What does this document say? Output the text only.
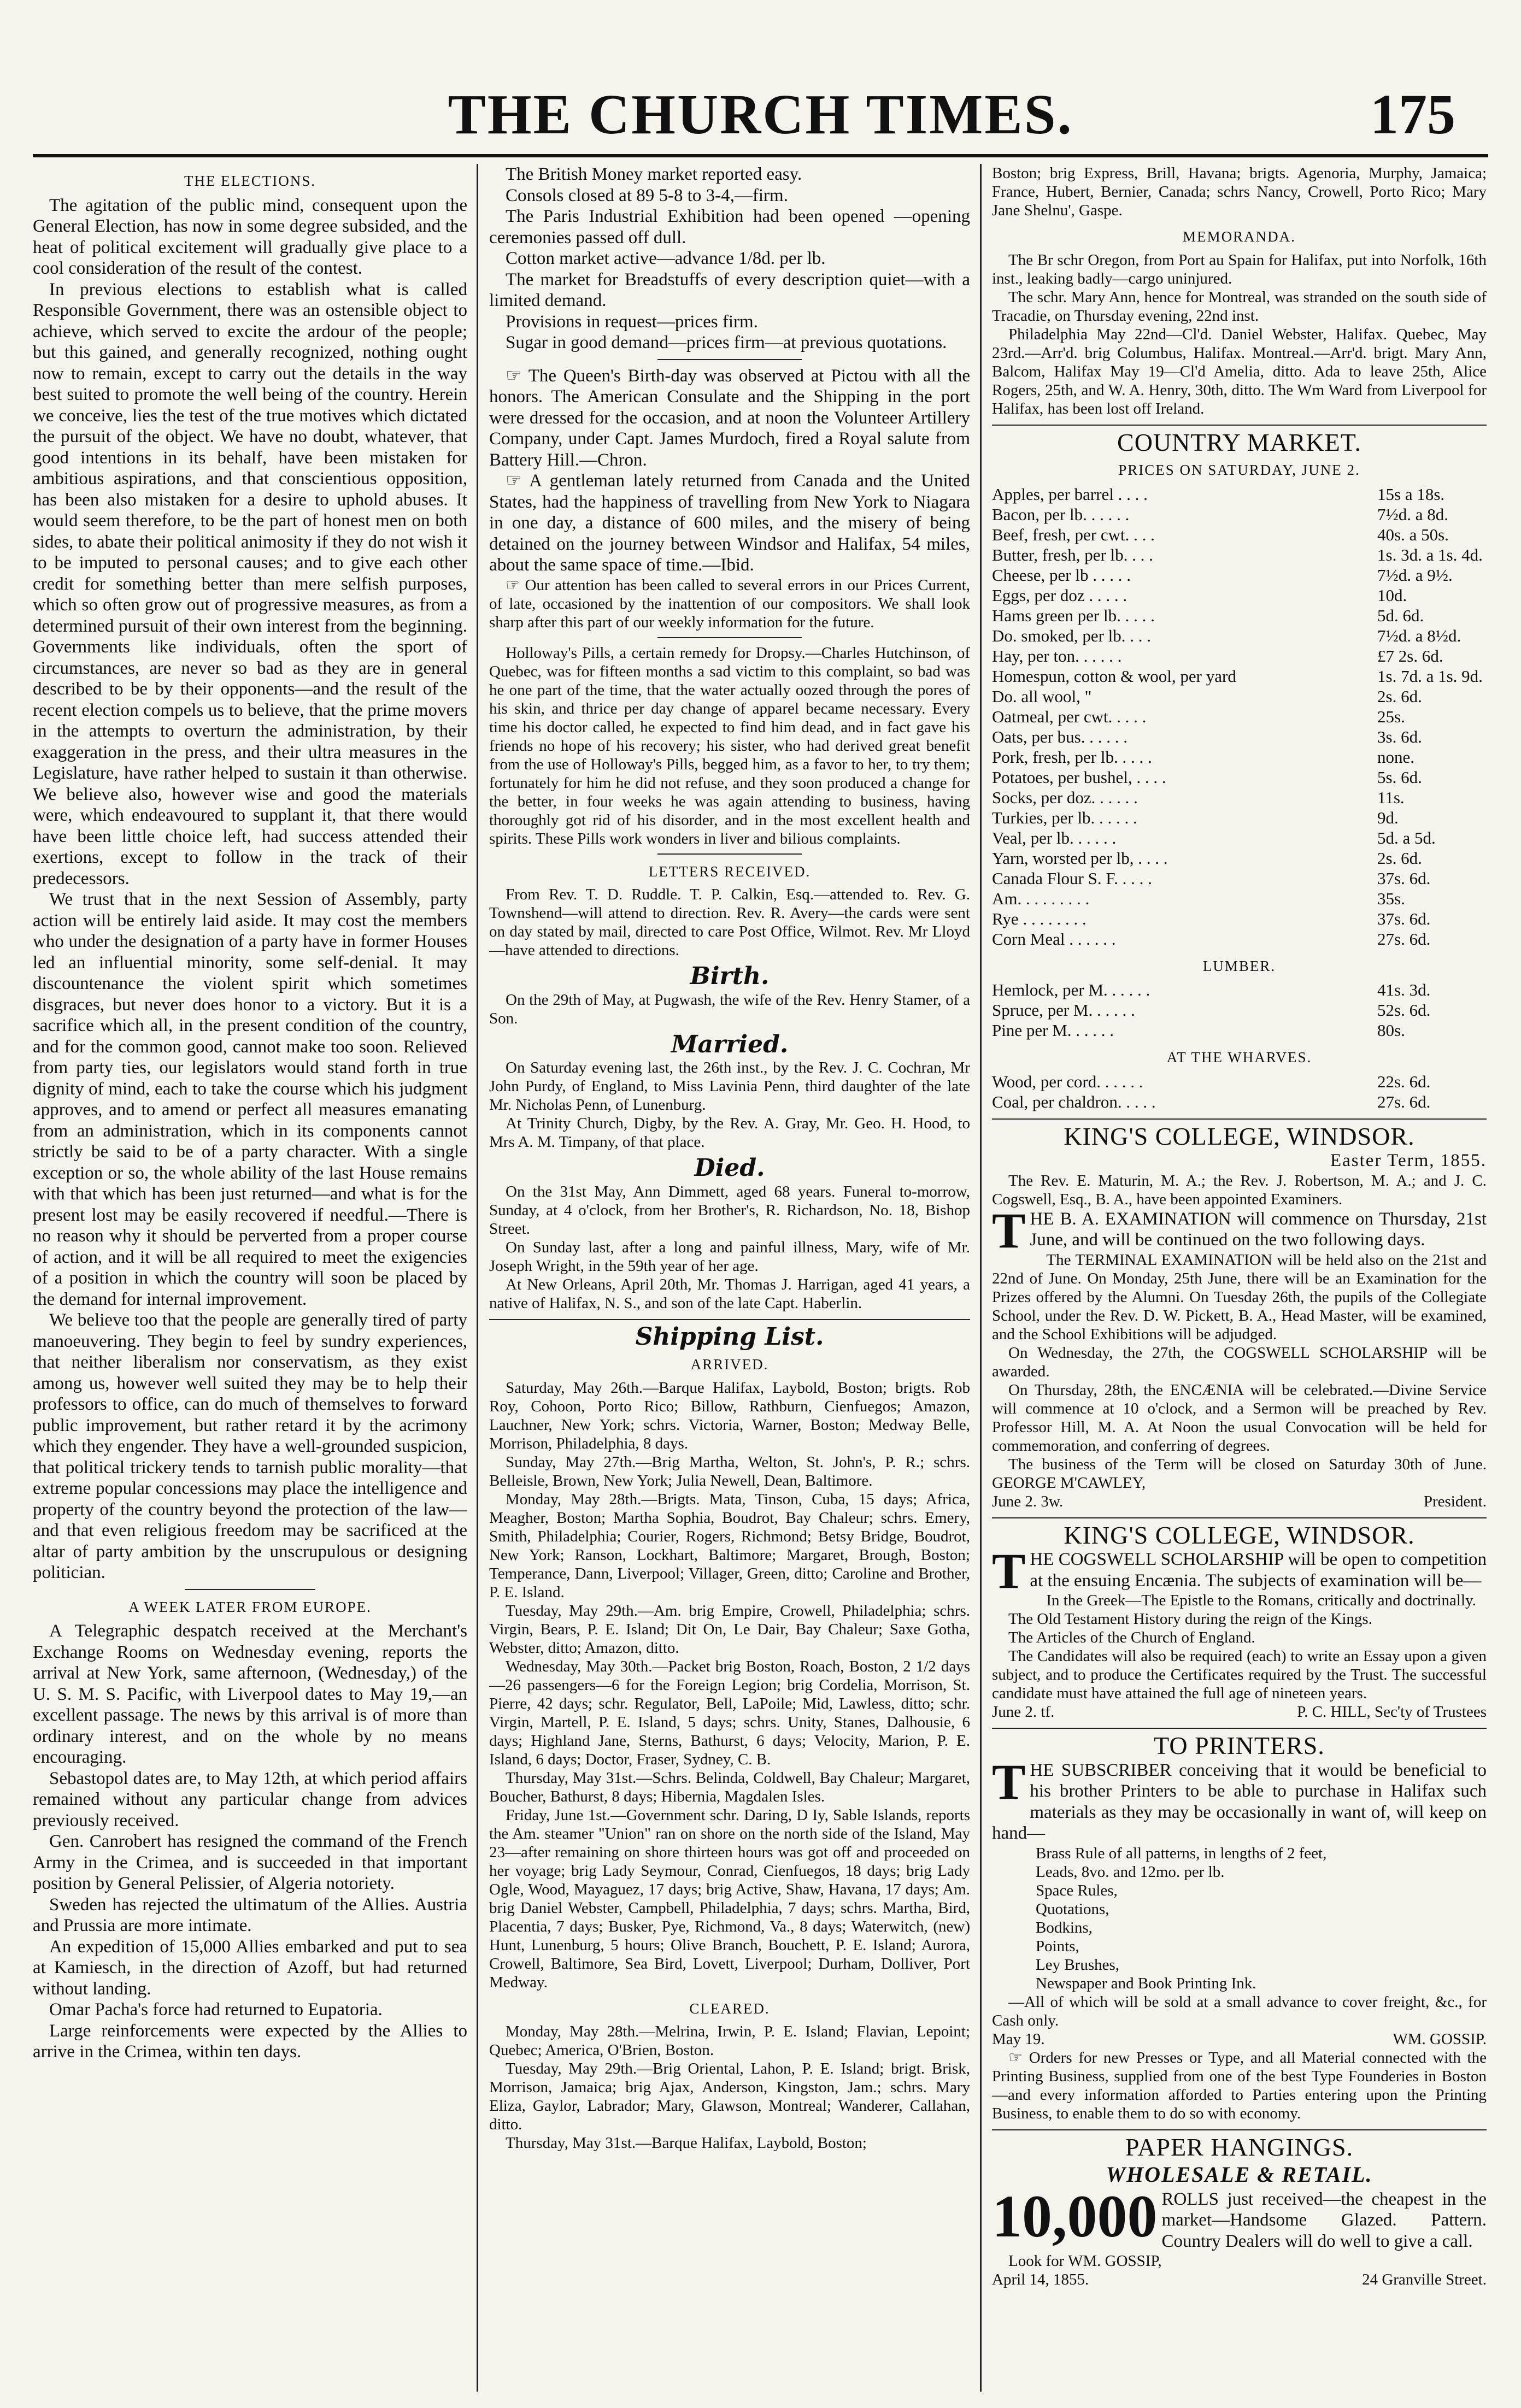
THE CHURCH TIMES.	175
THE ELECTIONS.

The agitation of the public mind, consequent upon the General Election, has now in some degree subsided, and the heat of political excitement will gradually give place to a cool consideration of the result of the contest.

In previous elections to establish what is called Responsible Government, there was an ostensible object to achieve, which served to excite the ardour of the people; but this gained, and generally recognized, nothing ought now to remain, except to carry out the details in the way best suited to promote the well being of the country. Herein we conceive, lies the test of the true motives which dictated the pursuit of the object. We have no doubt, whatever, that good intentions in its behalf, have been mistaken for ambitious aspirations, and that conscientious opposition, has been also mistaken for a desire to uphold abuses. It would seem therefore, to be the part of honest men on both sides, to abate their political animosity if they do not wish it to be imputed to personal causes; and to give each other credit for something better than mere selfish purposes, which so often grow out of progressive measures, as from a determined pursuit of their own interest from the beginning. Governments like individuals, often the sport of circumstances, are never so bad as they are in general described to be by their opponents—and the result of the recent election compels us to believe, that the prime movers in the attempts to overturn the administration, by their exaggeration in the press, and their ultra measures in the Legislature, have rather helped to sustain it than otherwise. We believe also, however wise and good the materials were, which endeavoured to supplant it, that there would have been little choice left, had success attended their exertions, except to follow in the track of their predecessors.

We trust that in the next Session of Assembly, party action will be entirely laid aside. It may cost the members who under the designation of a party have in former Houses led an influential minority, some self-denial. It may discountenance the violent spirit which sometimes disgraces, but never does honor to a victory. But it is a sacrifice which all, in the present condition of the country, and for the common good, cannot make too soon. Relieved from party ties, our legislators would stand forth in true dignity of mind, each to take the course which his judgment approves, and to amend or perfect all measures emanating from an administration, which in its components cannot strictly be said to be of a party character. With a single exception or so, the whole ability of the last House remains with that which has been just returned—and what is for the present lost may be easily recovered if needful.—There is no reason why it should be perverted from a proper course of action, and it will be all required to meet the exigencies of a position in which the country will soon be placed by the demand for internal improvement.

We believe too that the people are generally tired of party manoeuvering. They begin to feel by sundry experiences, that neither liberalism nor conservatism, as they exist among us, however well suited they may be to help their professors to office, can do much of themselves to forward public improvement, but rather retard it by the acrimony which they engender. They have a well-grounded suspicion, that political trickery tends to tarnish public morality—that extreme popular concessions may place the intelligence and property of the country beyond the protection of the law—and that even religious freedom may be sacrificed at the altar of party ambition by the unscrupulous or designing politician.

A WEEK LATER FROM EUROPE.

A Telegraphic despatch received at the Merchant's Exchange Rooms on Wednesday evening, reports the arrival at New York, same afternoon, (Wednesday,) of the U. S. M. S. Pacific, with Liverpool dates to May 19,—an excellent passage. The news by this arrival is of more than ordinary interest, and on the whole by no means encouraging.

Sebastopol dates are, to May 12th, at which period affairs remained without any particular change from advices previously received.

Gen. Canrobert has resigned the command of the French Army in the Crimea, and is succeeded in that important position by General Pelissier, of Algeria notoriety.

Sweden has rejected the ultimatum of the Allies. Austria and Prussia are more intimate.

An expedition of 15,000 Allies embarked and put to sea at Kamiesch, in the direction of Azoff, but had returned without landing.

Omar Pacha's force had returned to Eupatoria.

Large reinforcements were expected by the Allies to arrive in the Crimea, within ten days.

The British Money market reported easy.

Consols closed at 89 5-8 to 3-4,—firm.

The Paris Industrial Exhibition had been opened —opening ceremonies passed off dull.

Cotton market active—advance 1/8d. per lb.

The market for Breadstuffs of every description quiet—with a limited demand.

Provisions in request—prices firm.

Sugar in good demand—prices firm—at previous quotations.

☞ The Queen's Birth-day was observed at Pictou with all the honors. The American Consulate and the Shipping in the port were dressed for the occasion, and at noon the Volunteer Artillery Company, under Capt. James Murdoch, fired a Royal salute from Battery Hill.—Chron.

☞ A gentleman lately returned from Canada and the United States, had the happiness of travelling from New York to Niagara in one day, a distance of 600 miles, and the misery of being detained on the journey between Windsor and Halifax, 54 miles, about the same space of time.—Ibid.

☞ Our attention has been called to several errors in our Prices Current, of late, occasioned by the inattention of our compositors. We shall look sharp after this part of our weekly information for the future.

Holloway's Pills, a certain remedy for Dropsy.—Charles Hutchinson, of Quebec, was for fifteen months a sad victim to this complaint, so bad was he one part of the time, that the water actually oozed through the pores of his skin, and thrice per day change of apparel became necessary. Every time his doctor called, he expected to find him dead, and in fact gave his friends no hope of his recovery; his sister, who had derived great benefit from the use of Holloway's Pills, begged him, as a favor to her, to try them; fortunately for him he did not refuse, and they soon produced a change for the better, in four weeks he was again attending to business, having thoroughly got rid of his disorder, and in the most excellent health and spirits. These Pills work wonders in liver and bilious complaints.

LETTERS RECEIVED.

From Rev. T. D. Ruddle. T. P. Calkin, Esq.—attended to. Rev. G. Townshend—will attend to direction. Rev. R. Avery—the cards were sent on day stated by mail, directed to care Post Office, Wilmot. Rev. Mr Lloyd—have attended to directions.

Birth.

On the 29th of May, at Pugwash, the wife of the Rev. Henry Stamer, of a Son.

Married.

On Saturday evening last, the 26th inst., by the Rev. J. C. Cochran, Mr John Purdy, of England, to Miss Lavinia Penn, third daughter of the late Mr. Nicholas Penn, of Lunenburg.

At Trinity Church, Digby, by the Rev. A. Gray, Mr. Geo. H. Hood, to Mrs A. M. Timpany, of that place.

Died.

On the 31st May, Ann Dimmett, aged 68 years. Funeral to-morrow, Sunday, at 4 o'clock, from her Brother's, R. Richardson, No. 18, Bishop Street.

On Sunday last, after a long and painful illness, Mary, wife of Mr. Joseph Wright, in the 59th year of her age.

At New Orleans, April 20th, Mr. Thomas J. Harrigan, aged 41 years, a native of Halifax, N. S., and son of the late Capt. Haberlin.

Shipping List.
ARRIVED.

Saturday, May 26th.—Barque Halifax, Laybold, Boston; brigts. Rob Roy, Cohoon, Porto Rico; Billow, Rathburn, Cienfuegos; Amazon, Lauchner, New York; schrs. Victoria, Warner, Boston; Medway Belle, Morrison, Philadelphia, 8 days.

Sunday, May 27th.—Brig Martha, Welton, St. John's, P. R.; schrs. Belleisle, Brown, New York; Julia Newell, Dean, Baltimore.

Monday, May 28th.—Brigts. Mata, Tinson, Cuba, 15 days; Africa, Meagher, Boston; Martha Sophia, Boudrot, Bay Chaleur; schrs. Emery, Smith, Philadelphia; Courier, Rogers, Richmond; Betsy Bridge, Boudrot, New York; Ranson, Lockhart, Baltimore; Margaret, Brough, Boston; Temperance, Dann, Liverpool; Villager, Green, ditto; Caroline and Brother, P. E. Island.

Tuesday, May 29th.—Am. brig Empire, Crowell, Philadelphia; schrs. Virgin, Bears, P. E. Island; Dit On, Le Dair, Bay Chaleur; Saxe Gotha, Webster, ditto; Amazon, ditto.

Wednesday, May 30th.—Packet brig Boston, Roach, Boston, 2 1/2 days—26 passengers—6 for the Foreign Legion; brig Cordelia, Morrison, St. Pierre, 42 days; schr. Regulator, Bell, LaPoile; Mid, Lawless, ditto; schr. Virgin, Martell, P. E. Island, 5 days; schrs. Unity, Stanes, Dalhousie, 6 days; Highland Jane, Sterns, Bathurst, 6 days; Velocity, Marion, P. E. Island, 6 days; Doctor, Fraser, Sydney, C. B.

Thursday, May 31st.—Schrs. Belinda, Coldwell, Bay Chaleur; Margaret, Boucher, Bathurst, 8 days; Hibernia, Magdalen Isles.

Friday, June 1st.—Government schr. Daring, D Iy, Sable Islands, reports the Am. steamer "Union" ran on shore on the north side of the Island, May 23—after remaining on shore thirteen hours was got off and proceeded on her voyage; brig Lady Seymour, Conrad, Cienfuegos, 18 days; brig Lady Ogle, Wood, Mayaguez, 17 days; brig Active, Shaw, Havana, 17 days; Am. brig Daniel Webster, Campbell, Philadelphia, 7 days; schrs. Martha, Bird, Placentia, 7 days; Busker, Pye, Richmond, Va., 8 days; Waterwitch, (new) Hunt, Lunenburg, 5 hours; Olive Branch, Bouchett, P. E. Island; Aurora, Crowell, Baltimore, Sea Bird, Lovett, Liverpool; Durham, Dolliver, Port Medway.

CLEARED.

Monday, May 28th.—Melrina, Irwin, P. E. Island; Flavian, Lepoint; Quebec; America, O'Brien, Boston.

Tuesday, May 29th.—Brig Oriental, Lahon, P. E. Island; brigt. Brisk, Morrison, Jamaica; brig Ajax, Anderson, Kingston, Jam.; schrs. Mary Eliza, Gaylor, Labrador; Mary, Glawson, Montreal; Wanderer, Callahan, ditto.

Thursday, May 31st.—Barque Halifax, Laybold, Boston;

Boston; brig Express, Brill, Havana; brigts. Agenoria, Murphy, Jamaica; France, Hubert, Bernier, Canada; schrs Nancy, Crowell, Porto Rico; Mary Jane Shelnu', Gaspe.

MEMORANDA.

The Br schr Oregon, from Port au Spain for Halifax, put into Norfolk, 16th inst., leaking badly—cargo uninjured.

The schr. Mary Ann, hence for Montreal, was stranded on the south side of Tracadie, on Thursday evening, 22nd inst.

Philadelphia May 22nd—Cl'd. Daniel Webster, Halifax. Quebec, May 23rd.—Arr'd. brig Columbus, Halifax. Montreal.—Arr'd. brigt. Mary Ann, Balcom, Halifax May 19—Cl'd Amelia, ditto. Ada to leave 25th, Alice Rogers, 25th, and W. A. Henry, 30th, ditto. The Wm Ward from Liverpool for Halifax, has been lost off Ireland.

COUNTRY MARKET.
PRICES ON SATURDAY, JUNE 2.
Apples, per barrel . . . .	15s a 18s.
Bacon, per lb. . . . . .	7½d. a 8d.
Beef, fresh, per cwt. . . .	40s. a 50s.
Butter, fresh, per lb. . . .	1s. 3d. a 1s. 4d.
Cheese, per lb . . . . .	7½d. a 9½.
Eggs, per doz . . . . .	10d.
Hams green per lb. . . . .	5d. 6d.
Do. smoked, per lb. . . .	7½d. a 8½d.
Hay, per ton. . . . . .	£7 2s. 6d.
Homespun, cotton & wool, per yard	1s. 7d. a 1s. 9d.
Do. all wool, "	2s. 6d.
Oatmeal, per cwt. . . . .	25s.
Oats, per bus. . . . . .	3s. 6d.
Pork, fresh, per lb. . . . .	none.
Potatoes, per bushel, . . . .	5s. 6d.
Socks, per doz. . . . . .	11s.
Turkies, per lb. . . . . .	9d.
Veal, per lb. . . . . .	5d. a 5d.
Yarn, worsted per lb, . . . .	2s. 6d.
Canada Flour S. F. . . . .	37s. 6d.
Am. . . . . . . . .	35s.
Rye . . . . . . . .	37s. 6d.
Corn Meal . . . . . .	27s. 6d.
LUMBER.
Hemlock, per M. . . . . .	41s. 3d.
Spruce, per M. . . . . .	52s. 6d.
Pine per M. . . . . .	80s.
AT THE WHARVES.
Wood, per cord. . . . . .	22s. 6d.
Coal, per chaldron. . . . .	27s. 6d.
KING'S COLLEGE, WINDSOR.
Easter Term, 1855.

The Rev. E. Maturin, M. A.; the Rev. J. Robertson, M. A.; and J. C. Cogswell, Esq., B. A., have been appointed Examiners.

THE B. A. EXAMINATION will commence on Thursday, 21st June, and will be continued on the two following days.

The TERMINAL EXAMINATION will be held also on the 21st and 22nd of June. On Monday, 25th June, there will be an Examination for the Prizes offered by the Alumni. On Tuesday 26th, the pupils of the Collegiate School, under the Rev. D. W. Pickett, B. A., Head Master, will be examined, and the School Exhibitions will be adjudged.

On Wednesday, the 27th, the COGSWELL SCHOLARSHIP will be awarded.

On Thursday, 28th, the ENCÆNIA will be celebrated.—Divine Service will commence at 10 o'clock, and a Sermon will be preached by Rev. Professor Hill, M. A. At Noon the usual Convocation will be held for commemoration, and conferring of degrees.

The business of the Term will be closed on Saturday 30th of June. GEORGE M'CAWLEY,

June 2. 3w.	President.
KING'S COLLEGE, WINDSOR.

THE COGSWELL SCHOLARSHIP will be open to competition at the ensuing Encænia. The subjects of examination will be—

In the Greek—The Epistle to the Romans, critically and doctrinally.

The Old Testament History during the reign of the Kings.

The Articles of the Church of England.

The Candidates will also be required (each) to write an Essay upon a given subject, and to produce the Certificates required by the Trust. The successful candidate must have attained the full age of nineteen years.

June 2. tf.	P. C. HILL, Sec'ty of Trustees
TO PRINTERS.

THE SUBSCRIBER conceiving that it would be beneficial to his brother Printers to be able to purchase in Halifax such materials as they may be occasionally in want of, will keep on hand—

Brass Rule of all patterns, in lengths of 2 feet,
Leads, 8vo. and 12mo. per lb.
Space Rules,
Quotations,
Bodkins,
Points,
Ley Brushes,
Newspaper and Book Printing Ink.

—All of which will be sold at a small advance to cover freight, &c., for Cash only.

May 19.	WM. GOSSIP.

☞ Orders for new Presses or Type, and all Material connected with the Printing Business, supplied from one of the best Type Founderies in Boston—and every information afforded to Parties entering upon the Printing Business, to enable them to do so with economy.

PAPER HANGINGS.
WHOLESALE & RETAIL.

10,000 ROLLS just received—the cheapest in the market—Handsome Glazed. Pattern. Country Dealers will do well to give a call.

Look for WM. GOSSIP,

April 14, 1855.	24 Granville Street.
